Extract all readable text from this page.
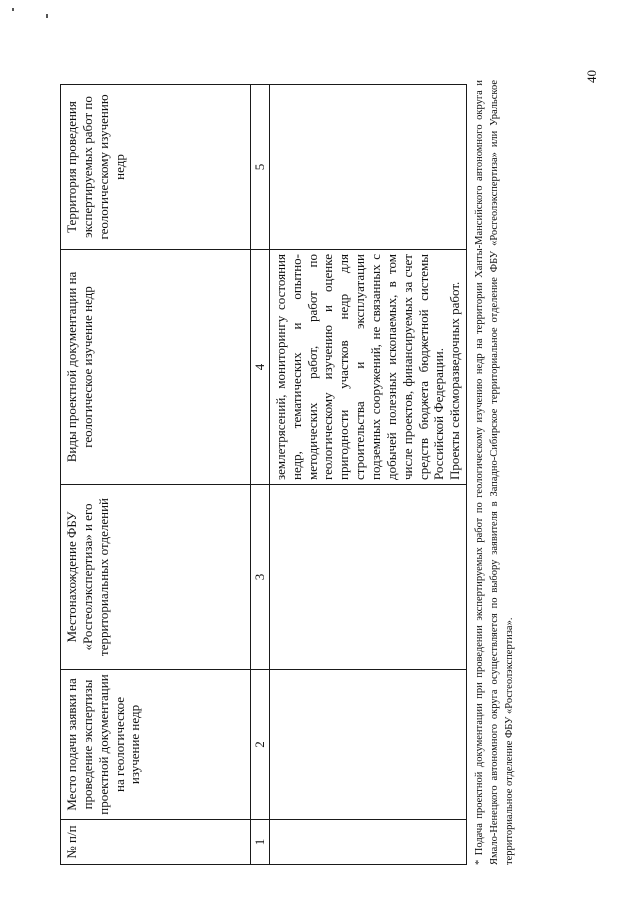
40
№ п/п	Место подачи заявки на проведение экспертизы проектной документации на геологическое изучение недр	Местонахождение ФБУ «Росгеолэкспертиза» и его территориальных отделений	Виды проектной документации на геологическое изучение недр	Территория проведения экспертируемых работ по геологическому изучению недр
1	2	3	4	5

			землетрясений, мониторингу состояния недр, тематических и опытно-методических работ, работ по геологическому изучению и оценке пригодности участков недр для строительства и эксплуатации подземных сооружений, не связанных с добычей полезных ископаемых, в том числе проектов, финансируемых за счет средств бюджета бюджетной системы Российской Федерации. Проекты сейсморазведочных работ.	

	* Подача проектной документации при проведении экспертируемых работ по геологическому изучению недр на территории Ханты-Мансийского автономного округа и Ямало-Ненецкого автономного округа осуществляется по выбору заявителя в Западно-Сибирское территориальное отделение ФБУ «Росгеолэкспертиза» или Уральское территориальное отделение ФБУ «Росгеолэкспертиза».
